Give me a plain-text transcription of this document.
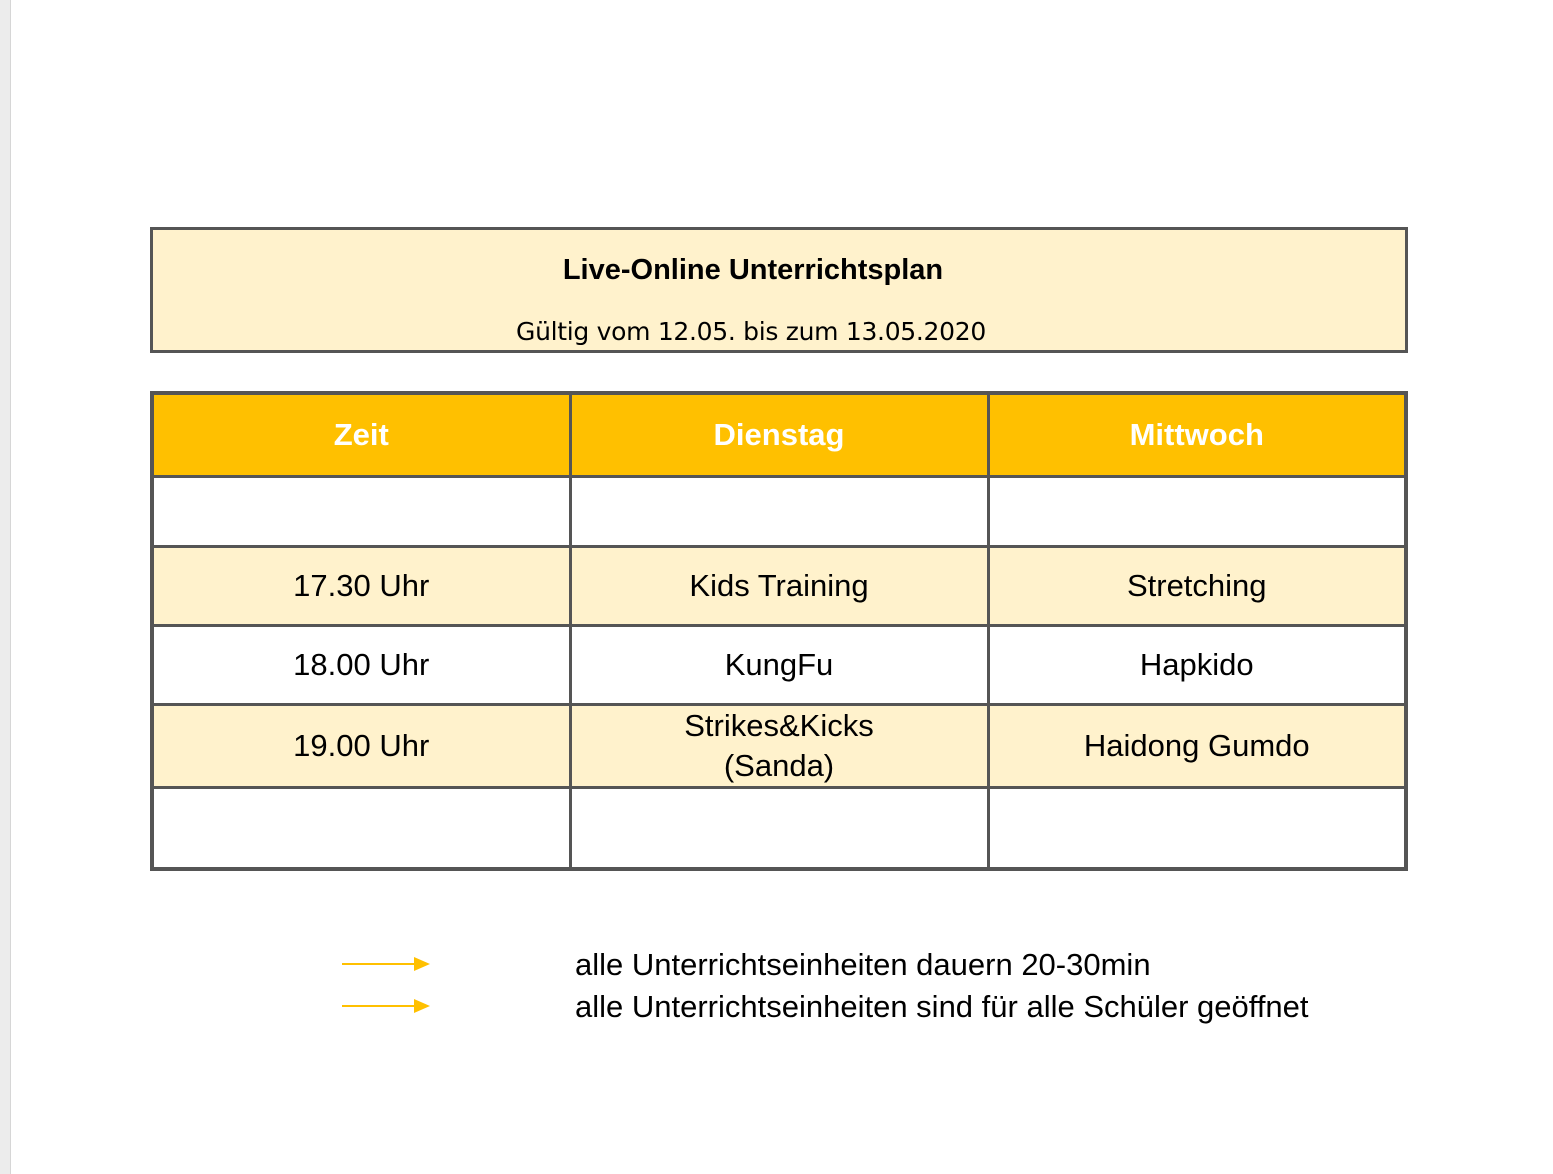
Live-Online Unterrichtsplan
Gültig vom 12.05. bis zum 13.05.2020
Zeit	Dienstag	Mittwoch

17.30 Uhr	Kids Training	Stretching
18.00 Uhr	KungFu	Hapkido
19.00 Uhr	Strikes&Kicks (Sanda)	Haidong Gumdo

alle Unterrichtseinheiten dauern 20-30min
alle Unterrichtseinheiten sind für alle Schüler geöffnet
